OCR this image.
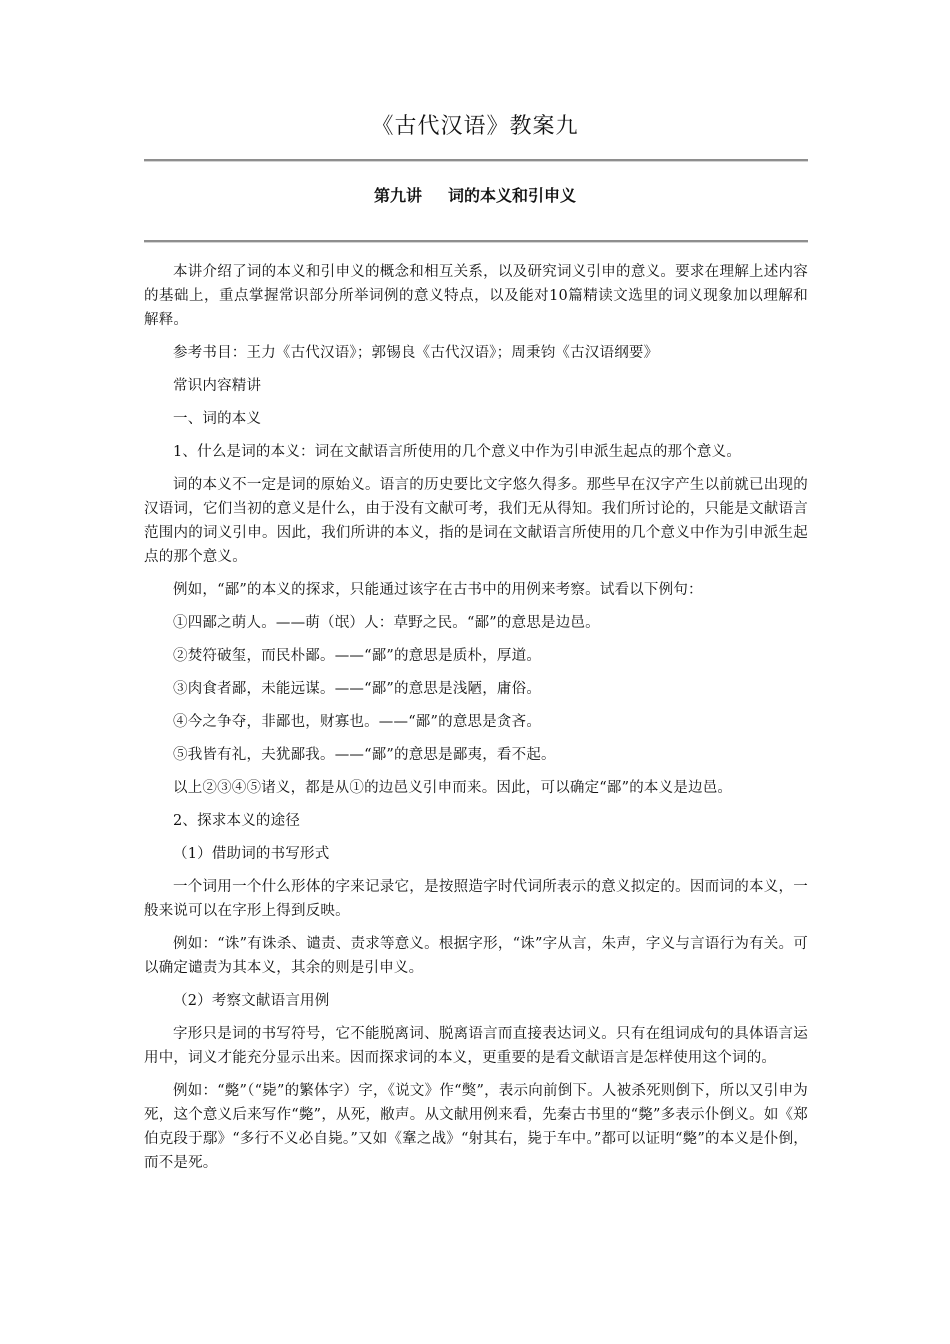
《古代汉语》教案九
第九讲 词的本义和引申义

本讲介绍了词的本义和引申义的概念和相互关系，以及研究词义引申的意义。要求在理解上述内容的基础上，重点掌握常识部分所举词例的意义特点，以及能对10篇精读文选里的词义现象加以理解和解释。

参考书目：王力《古代汉语》；郭锡良《古代汉语》；周秉钧《古汉语纲要》

常识内容精讲

一、词的本义

1、什么是词的本义：词在文献语言所使用的几个意义中作为引申派生起点的那个意义。

词的本义不一定是词的原始义。语言的历史要比文字悠久得多。那些早在汉字产生以前就已出现的汉语词，它们当初的意义是什么，由于没有文献可考，我们无从得知。我们所讨论的，只能是文献语言范围内的词义引申。因此，我们所讲的本义，指的是词在文献语言所使用的几个意义中作为引申派生起点的那个意义。

例如，“鄙”的本义的探求，只能通过该字在古书中的用例来考察。试看以下例句：

①四鄙之萌人。——萌（氓）人：草野之民。“鄙”的意思是边邑。

②焚符破玺，而民朴鄙。——“鄙”的意思是质朴，厚道。

③肉食者鄙，未能远谋。——“鄙”的意思是浅陋，庸俗。

④今之争夺，非鄙也，财寡也。——“鄙”的意思是贪吝。

⑤我皆有礼，夫犹鄙我。——“鄙”的意思是鄙夷，看不起。

以上②③④⑤诸义，都是从①的边邑义引申而来。因此，可以确定“鄙”的本义是边邑。

2、探求本义的途径

（1）借助词的书写形式

一个词用一个什么形体的字来记录它，是按照造字时代词所表示的意义拟定的。因而词的本义，一般来说可以在字形上得到反映。

例如：“诛”有诛杀、谴责、责求等意义。根据字形，“诛”字从言，朱声，字义与言语行为有关。可以确定谴责为其本义，其余的则是引申义。

（2）考察文献语言用例

字形只是词的书写符号，它不能脱离词、脱离语言而直接表达词义。只有在组词成句的具体语言运用中，词义才能充分显示出来。因而探求词的本义，更重要的是看文献语言是怎样使用这个词的。

例如：“斃”（“毙”的繁体字）字，《说文》作“獘”，表示向前倒下。人被杀死则倒下，所以又引申为死，这个意义后来写作“斃”，从死，敝声。从文献用例来看，先秦古书里的“斃”多表示仆倒义。如《郑伯克段于鄢》“多行不义必自毙。”又如《鞌之战》“射其右，毙于车中。”都可以证明“斃”的本义是仆倒，而不是死。
